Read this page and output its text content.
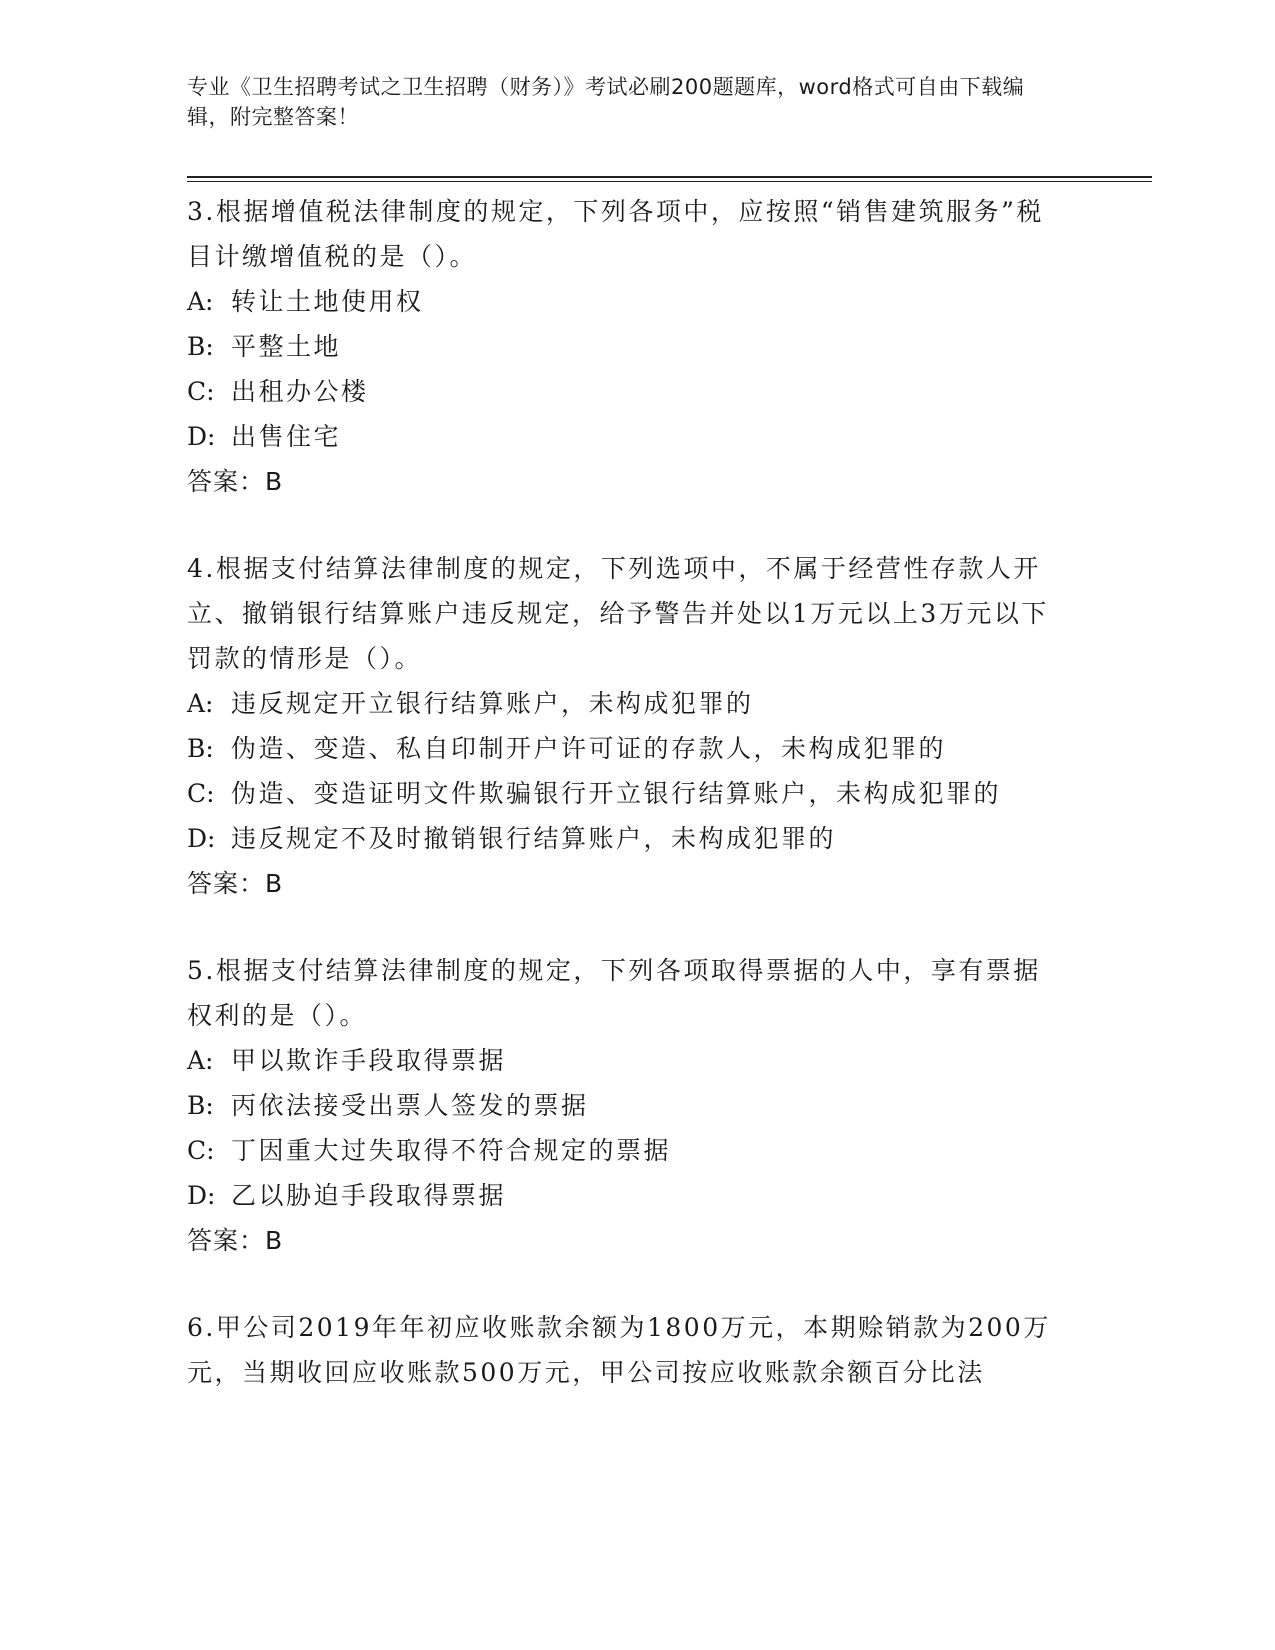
专业《卫生招聘考试之卫生招聘（财务）》考试必刷200题题库，word格式可自由下载编辑，附完整答案！
3.根据增值税法律制度的规定，下列各项中，应按照“销售建筑服务”税目计缴增值税的是（）。
A: 转让土地使用权
B: 平整土地
C: 出租办公楼
D: 出售住宅
答案：B
4.根据支付结算法律制度的规定，下列选项中，不属于经营性存款人开立、撤销银行结算账户违反规定，给予警告并处以1万元以上3万元以下罚款的情形是（）。
A: 违反规定开立银行结算账户，未构成犯罪的
B: 伪造、变造、私自印制开户许可证的存款人，未构成犯罪的
C: 伪造、变造证明文件欺骗银行开立银行结算账户，未构成犯罪的
D: 违反规定不及时撤销银行结算账户，未构成犯罪的
答案：B
5.根据支付结算法律制度的规定，下列各项取得票据的人中，享有票据权利的是（）。
A: 甲以欺诈手段取得票据
B: 丙依法接受出票人签发的票据
C: 丁因重大过失取得不符合规定的票据
D: 乙以胁迫手段取得票据
答案：B
6.甲公司2019年年初应收账款余额为1800万元，本期赊销款为200万元，当期收回应收账款500万元，甲公司按应收账款余额百分比法
